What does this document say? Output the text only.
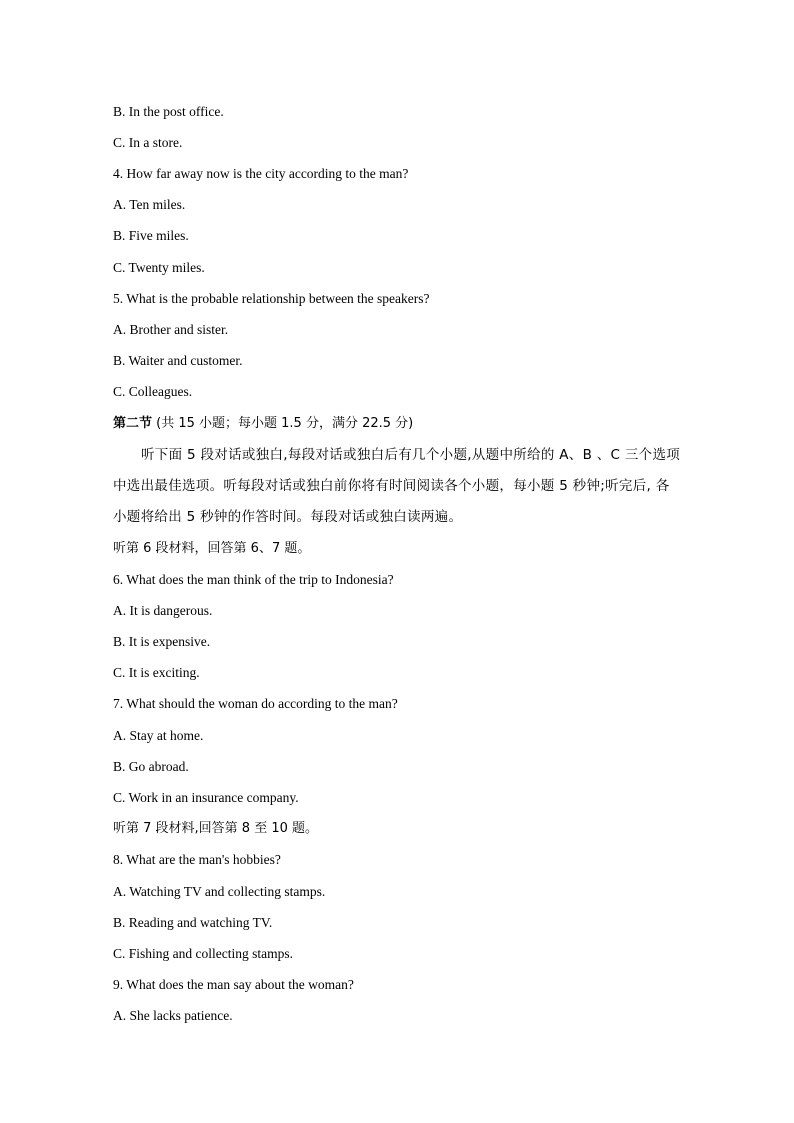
B. In the post office.
C. In a store.
4. How far away now is the city according to the man?
A. Ten miles.
B. Five miles.
C. Twenty miles.
5. What is the probable relationship between the speakers?
A. Brother and sister.
B. Waiter and customer.
C. Colleagues.
第二节 (共 15 小题；每小题 1.5 分，满分 22.5 分)
听下面 5 段对话或独白,每段对话或独白后有几个小题,从题中所给的 A、B 、C 三个选项
中选出最佳选项。听每段对话或独白前你将有时间阅读各个小题，每小题 5 秒钟;听完后, 各
小题将给出 5 秒钟的作答时间。每段对话或独白读两遍。
听第 6 段材料，回答第 6、7 题。
6. What does the man think of the trip to Indonesia?
A. It is dangerous.
B. It is expensive.
C. It is exciting.
7. What should the woman do according to the man?
A. Stay at home.
B. Go abroad.
C. Work in an insurance company.
听第 7 段材料,回答第 8 至 10 题。
8. What are the man's hobbies?
A. Watching TV and collecting stamps.
B. Reading and watching TV.
C. Fishing and collecting stamps.
9. What does the man say about the woman?
A. She lacks patience.
